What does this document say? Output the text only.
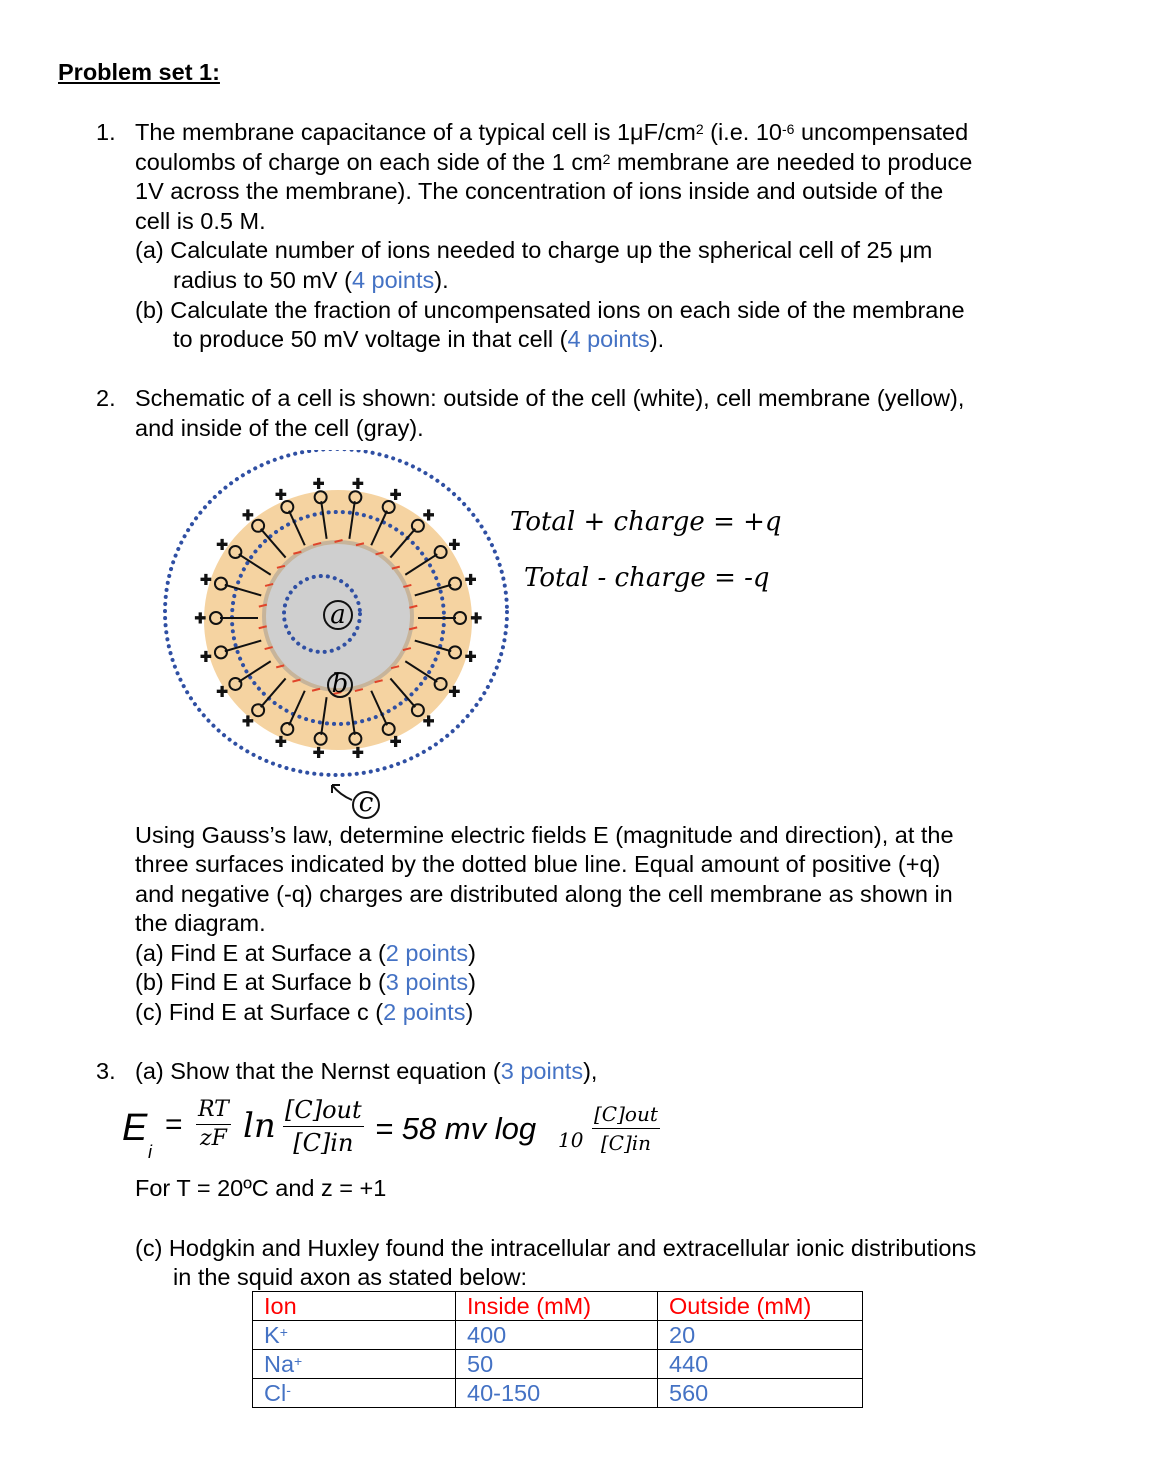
Problem set 1:
1. The membrane capacitance of a typical cell is $1\mu F/cm^2$ (i.e. $10^{-6}$ uncompensated
coulombs of charge on each side of the 1 $cm^2$ membrane are needed to produce
1V across the membrane). The concentration of ions inside and outside of the
cell is 0.5 M.
(a) Calculate number of ions needed to charge up the spherical cell of 25 μm
radius to 50 mV (4 points).
(b) Calculate the fraction of uncompensated ions on each side of the membrane
to produce 50 mV voltage in that cell (4 points).
2. Schematic of a cell is shown: outside of the cell (white), cell membrane (yellow),
and inside of the cell (gray).
+
+
+
+
+
+
+
+
+
+
+
+
+
+
+
+
+ +
+
+
+
+
a
b
c
Total + charge = +q
Total - charge = -q
Using Gauss’s law, determine electric fields E (magnitude and direction), at the
three surfaces indicated by the dotted blue line. Equal amount of positive (+q)
and negative (-q) charges are distributed along the cell membrane as shown in
the diagram.
(a) Find E at Surface a (2 points)
(b) Find E at Surface b (3 points)
(c) Find E at Surface c (2 points)
3. (a) Show that the Nernst equation (3 points),
E
i
= $\frac{RT}{zF}$ ln [C]out
[C]in = 58 mv log 10
[C]out
[C]in
For T = 20ºC and z = +1
(c) Hodgkin and Huxley found the intracellular and extracellular ionic distributions
in the squid axon as stated below:
Ion	Inside (mM)	Outside (mM)
K+	400	20
Na+	50	440
Cl-	40-150	560
